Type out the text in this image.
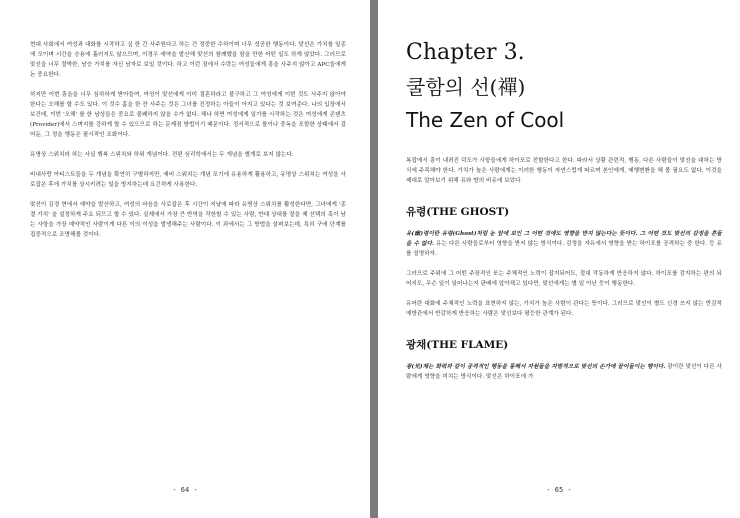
현대 사회에서 여성과 대화를 시작하고 싶 한 간 사주원다고 하는 건 정중한 수하이며 너무 성공한 행동이다. 맞선은 가치를 일종에 모이며 시간을 승용에 흘러지도 않으므며, 이경우 예약을 발산해 맞선의 참례했을 함을 만한 어떤 일도 하게 않았다. 그러므로 맞선을 너무 절박한, 남승 가치를 자신 남자로 보일 것이다. 하고 이런 점에서 수락는 여성들에게 흥을 사주지 않아고 APC들에게 논 중요한다.

하지만 이번 흥을을 너무 심하하게 받아들여, 여성이 맞선에게 이미 결혼하라고 불구하고 그 여성에게 이번 것도 사주지 않아야 한다는 오해를 할 수도 있다. 이 것수 홈을 한 잔 사주는 것은 그녀를 진정하는 아들이 아지고 있다는 것 보여준다. 나의 입장에서 보건데, 이번 '오해' 를 한 남성들은 중요로 불쾌하지 않을 수가 없다. 해나 하면 여성에게 일가를 시작하는 것은 여성에게 콘텐츠(Provider)에서 스며지를 강하게 할 수 있으므로 하는 문제점 방법이기 때문이다. 정서적으로 볼이나 중독을 포함한 상태에서 걸어둔, 그 정을 행동은 필시적인 조화이다.

유명상 스위치라 하는 사실 행복 스위치와 하위 개념이다. 전편 심리학에서는 두 개념을 별개로 보지 않는다.

비내사랑 아티스트들을 두 개념을 확연히 구별하지만, 예비 스위치는 개념 포기에 유용하게 활용하고, 유명상 스위치는 여성을 사로잡은 후에 가치를 상시키려는 일을 방지하는데 요긴하게 사용한다.

맞선이 김정 현에서 예약을 발산하고, 여성의 마음을 사로잡은 후 시간이 지날에 따라 유명상 스위치를 활성한다면, 그녀에게 '종결 가치' 을 설정하게 주요 되므고 할 수 있다. 실제에서 가장 큰 반역을 작한할 수 있는 사람, 반대 상대를 잘을 제 선택의 혹이 남는 사항을 가장 예약적인 사람이게 다른 이의 이성을 발생해주는 사람이다. 이 과에서는 그 방법을 살펴보는데, 특히 구에 단계를 집중적으로 조명해볼 것이다.

- 64 -
Chapter 3.
쿨함의 선(禪)
The Zen of Cool

복잡에서 흥이 내려진 덕도가 사항들에게 하이포로 전할한다고 한다. 따라서 상황 관련적, 행동, 다른 사람들이 맞선을 대하는 방식에 주목해야 한다. 가치가 높은 사람에게는 이러한 행동이 자연스럽게 따르며 본인에게, 예행변환을 해 볼 필요도 없다. 이것을 제대로 알아보기 위해 유와 방의 비유에 보았다

유령(THE GHOST)

유(幽)령이란 유령(Ghost)처럼 눈 앞에 보인 그 어떤 것에도 영향을 받지 않는다는 뜻이다. 그 어떤 것도 맞선의 감정을 흔들을 수 없다. 유는 다른 사람들로부터 영향을 받지 않는 방식이다. 감정을 자유에서 영향을 받는 하이포를 공격하는 중 한다. 등 유를 설명하자.

그러므로 주위에 그 어떤 주장적인 또는 주체적인 노력이 잡지되어도, 절대 작동하게 반응하지 않다. 하이포를 검지하는 편의 되어지도, 무슨 일이 일어나는지 판배에 앞아채고 있다만, 맞선에게는 별 일 아닌 듯이 행동한다.

유어란 대화에 주체적인 노력을 표현하지 않는, 가치가 높은 사람이 관다는 뜻이다. 그러므로 맞선이 별도 신경 쓰지 않는 반감적 예방관에서 반감하게 반응하는 사람은 맞선보다 평등한 관계가 된다.

광채(THE FLAME)

광(光)채는 화력과 같이 공격적인 행동을 통해서 자원들을 자발적으로 맞선의 손가에 끌어들이는 행이다. 광이란 맞선이 다른 사람에게 영향을 미치는 방식이다. 맞선은 하이포에 가

- 65 -
